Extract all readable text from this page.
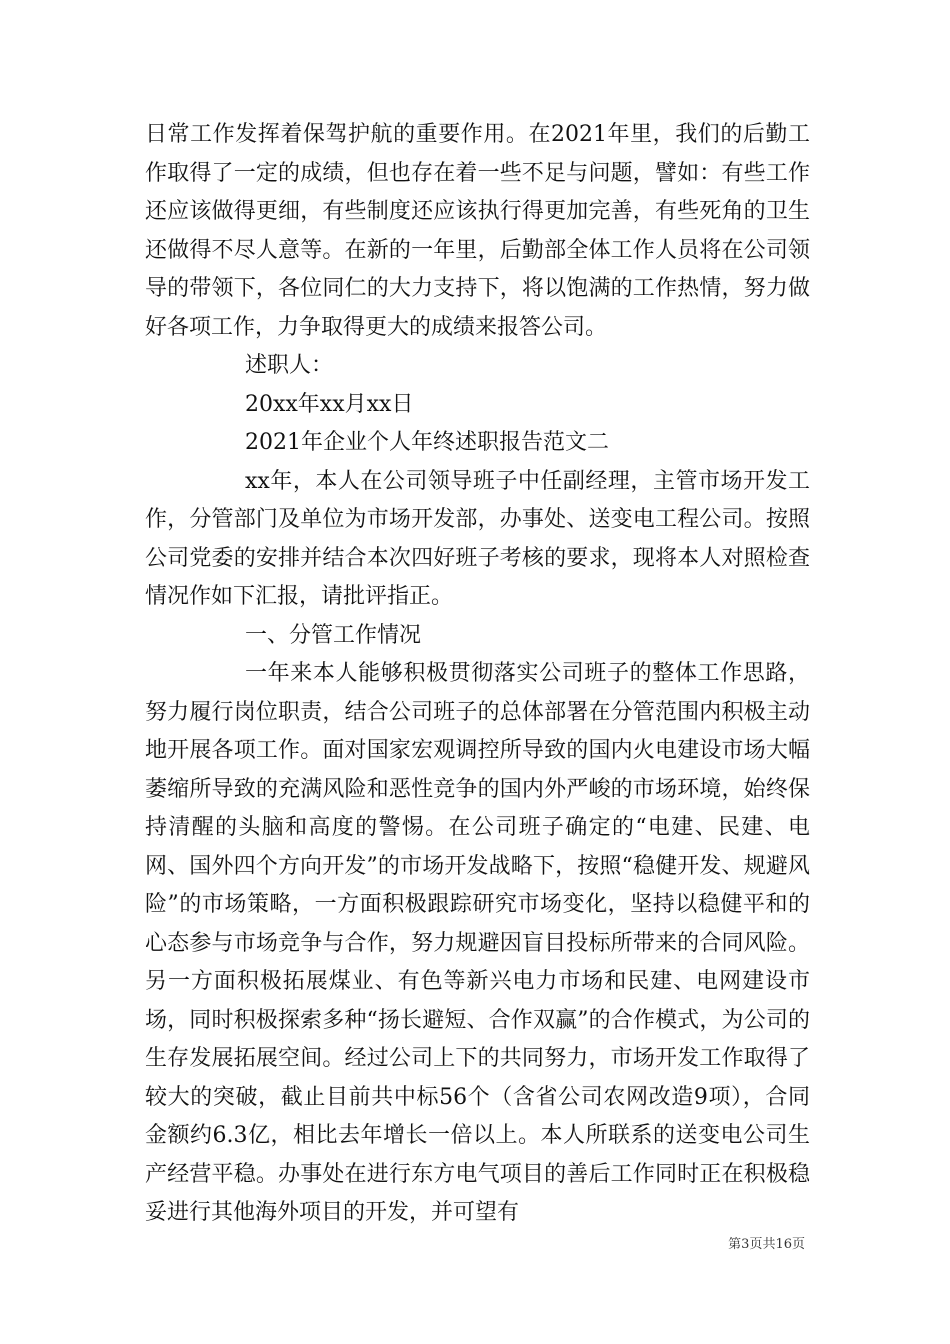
日常工作发挥着保驾护航的重要作用。在2021年里，我们的后勤工作取得了一定的成绩，但也存在着一些不足与问题，譬如：有些工作还应该做得更细，有些制度还应该执行得更加完善，有些死角的卫生还做得不尽人意等。在新的一年里，后勤部全体工作人员将在公司领导的带领下，各位同仁的大力支持下，将以饱满的工作热情，努力做好各项工作，力争取得更大的成绩来报答公司。

述职人：

20xx年xx月xx日

2021年企业个人年终述职报告范文二

xx年，本人在公司领导班子中任副经理，主管市场开发工作，分管部门及单位为市场开发部，办事处、送变电工程公司。按照公司党委的安排并结合本次四好班子考核的要求，现将本人对照检查情况作如下汇报，请批评指正。

一、分管工作情况

一年来本人能够积极贯彻落实公司班子的整体工作思路，努力履行岗位职责，结合公司班子的总体部署在分管范围内积极主动地开展各项工作。面对国家宏观调控所导致的国内火电建设市场大幅萎缩所导致的充满风险和恶性竞争的国内外严峻的市场环境，始终保持清醒的头脑和高度的警惕。在公司班子确定的“电建、民建、电网、国外四个方向开发”的市场开发战略下，按照“稳健开发、规避风险”的市场策略，一方面积极跟踪研究市场变化，坚持以稳健平和的心态参与市场竞争与合作，努力规避因盲目投标所带来的合同风险。另一方面积极拓展煤业、有色等新兴电力市场和民建、电网建设市场，同时积极探索多种“扬长避短、合作双赢”的合作模式，为公司的生存发展拓展空间。经过公司上下的共同努力，市场开发工作取得了较大的突破，截止目前共中标56个（含省公司农网改造9项），合同金额约6.3亿，相比去年增长一倍以上。本人所联系的送变电公司生产经营平稳。办事处在进行东方电气项目的善后工作同时正在积极稳妥进行其他海外项目的开发，并可望有

第3页共16页
